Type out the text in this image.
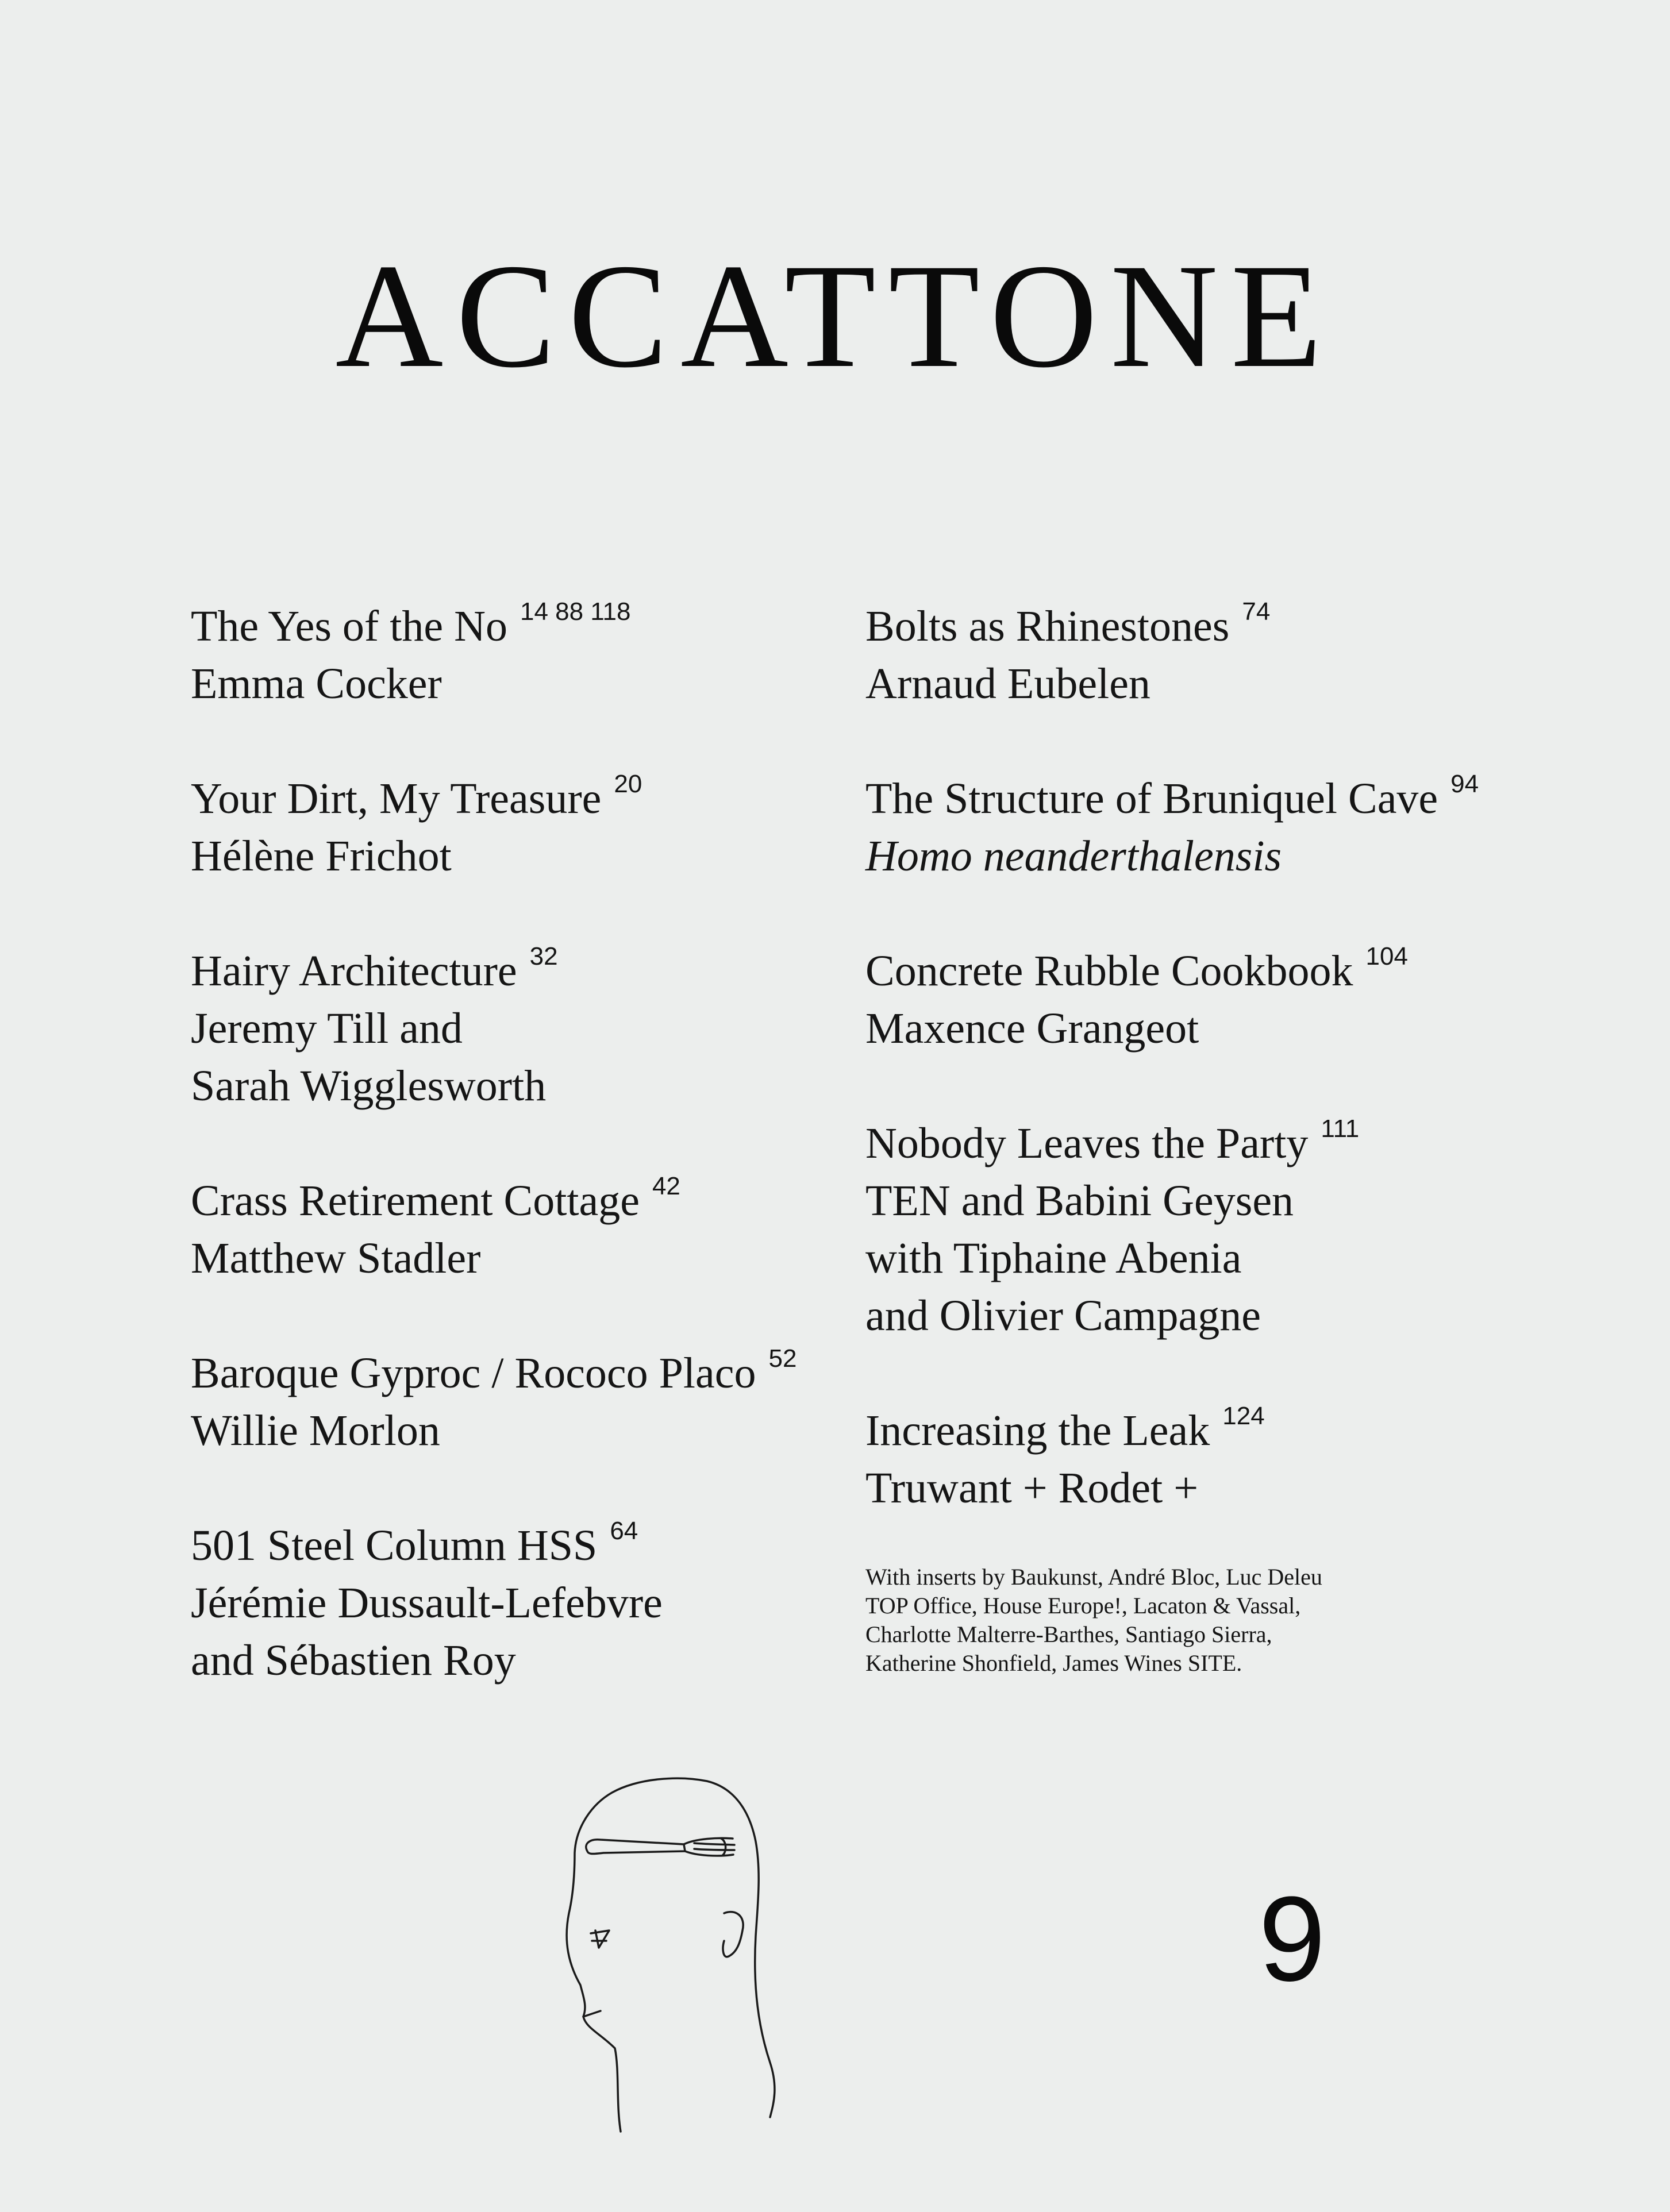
ACCATTONE
The Yes of the No $^{14 88 118}$
Emma Cocker
Your Dirt, My Treasure $^{20}$
Hélène Frichot
Hairy Architecture $^{32}$
Jeremy Till and
Sarah Wigglesworth
Crass Retirement Cottage $^{42}$
Matthew Stadler
Baroque Gyproc / Rococo Placo $^{52}$
Willie Morlon
501 Steel Column HSS $^{64}$
Jérémie Dussault-Lefebvre
and Sébastien Roy
Bolts as Rhinestones $^{74}$
Arnaud Eubelen
The Structure of Bruniquel Cave $^{94}$
Homo neanderthalensis
Concrete Rubble Cookbook $^{104}$
Maxence Grangeot
Nobody Leaves the Party $^{111}$
TEN and Babini Geysen
with Tiphaine Abenia
and Olivier Campagne
Increasing the Leak $^{124}$
Truwant + Rodet +
With inserts by Baukunst, André Bloc, Luc Deleu
TOP Office, House Europe!, Lacaton & Vassal,
Charlotte Malterre-Barthes, Santiago Sierra,
Katherine Shonfield, James Wines SITE.
9
